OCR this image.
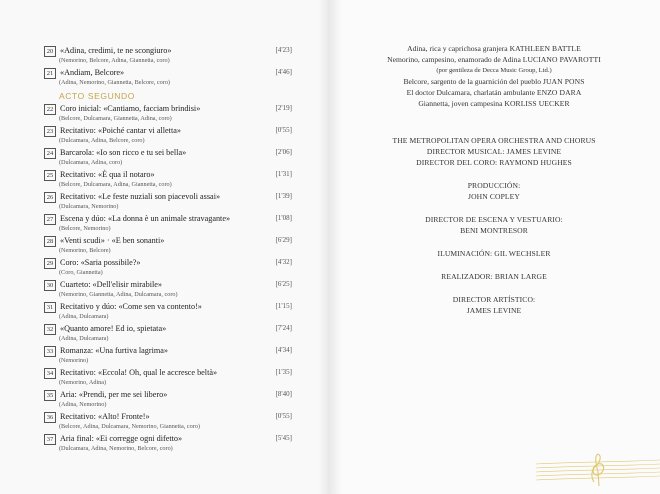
20 «Adina, credimi, te ne scongiuro»	[4'23]
(Nemorino, Belcore, Adina, Giannetta, coro)
21 «Andiam, Belcore»	[4'46]
(Adina, Nemorino, Giannetta, Belcore, coro)
ACTO SEGUNDO
22 Coro inicial: «Cantiamo, facciam brindisi»	[2'19]
(Belcore, Dulcamara, Giannetta, Adina, coro)
23 Recitativo: «Poiché cantar vi alletta»	[0'55]
(Dulcamara, Adina, Belcore, coro)
24 Barcarola: «Io son ricco e tu sei bella»	[2'06]
(Dulcamara, Adina, coro)
25 Recitativo: «È qua il notaro»	[1'31]
(Belcore, Dulcamara, Adina, Giannetta, coro)
26 Recitativo: «Le feste nuziali son piacevoli assai»	[1'39]
(Dulcamara, Nemorino)
27 Escena y dúo: «La donna è un animale stravagante»	[1'08]
(Belcore, Nemorino)
28 «Venti scudi» · «E ben sonanti»	[6'29]
(Nemorino, Belcore)
29 Coro: «Saria possibile?»	[4'32]
(Coro, Giannetta)
30 Cuarteto: «Dell'elisir mirabile»	[6'25]
(Nemorino, Giannetta, Adina, Dulcamara, coro)
31 Recitativo y dúo: «Come sen va contento!»	[1'15]
(Adina, Dulcamara)
32 «Quanto amore! Ed io, spietata»	[7'24]
(Adina, Dulcamara)
33 Romanza: «Una furtiva lagrima»	[4'34]
(Nemorino)
34 Recitativo: «Eccola! Oh, qual le accresce beltà»	[1'35]
(Nemorino, Adina)
35 Aria: «Prendi, per me sei libero»	[8'40]
(Adina, Nemorino)
36 Recitativo: «Alto! Fronte!»	[0'55]
(Belcore, Adina, Dulcamara, Nemorino, Giannetta, coro)
37 Aria final: «Ei corregge ogni difetto»	[5'45]
(Dulcamara, Adina, Nemorino, Belcore, coro)
Adina, rica y caprichosa granjera KATHLEEN BATTLE
Nemorino, campesino, enamorado de Adina LUCIANO PAVAROTTI
(por gentileza de Decca Music Group, Ltd.)
Belcore, sargento de la guarnición del pueblo JUAN PONS
El doctor Dulcamara, charlatán ambulante ENZO DARA
Giannetta, joven campesina KORLISS UECKER
THE METROPOLITAN OPERA ORCHESTRA AND CHORUS
DIRECTOR MUSICAL: JAMES LEVINE
DIRECTOR DEL CORO: RAYMOND HUGHES
PRODUCCIÓN:
JOHN COPLEY
DIRECTOR DE ESCENA Y VESTUARIO:
BENI MONTRESOR
ILUMINACIÓN: GIL WECHSLER
REALIZADOR: BRIAN LARGE
DIRECTOR ARTÍSTICO:
JAMES LEVINE
